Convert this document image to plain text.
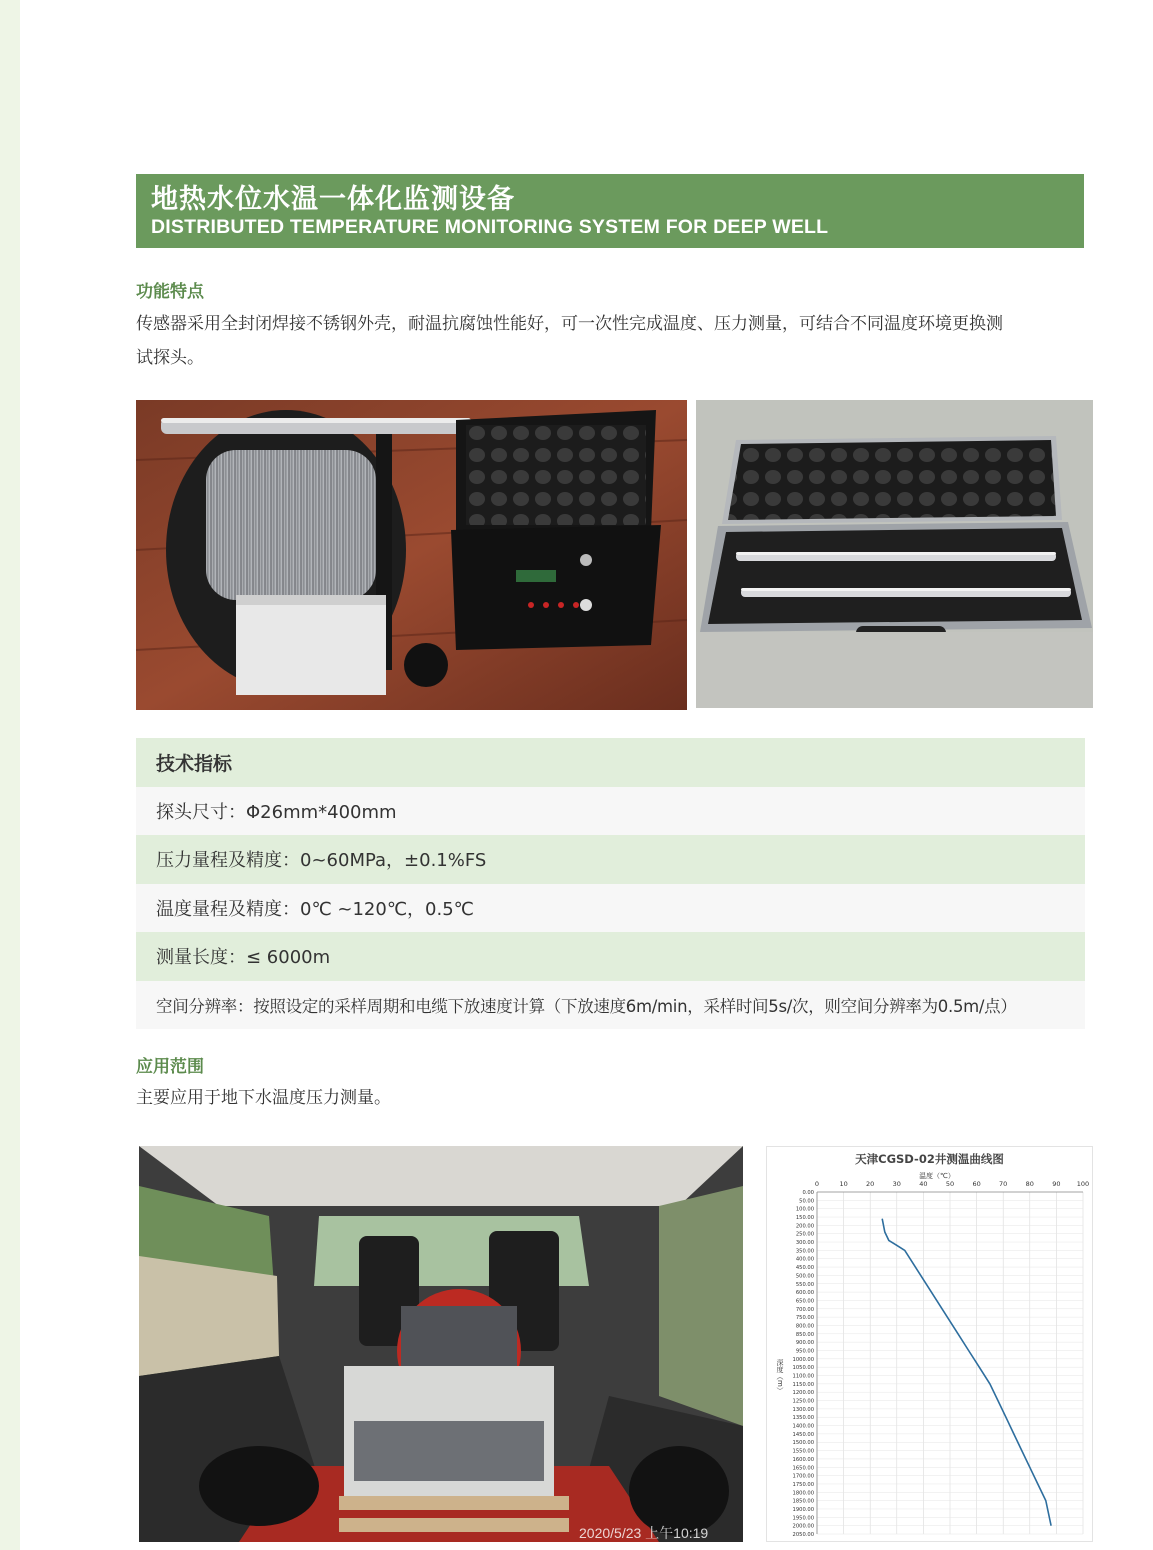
地热水位水温一体化监测设备
DISTRIBUTED TEMPERATURE MONITORING SYSTEM FOR DEEP WELL
功能特点
传感器采用全封闭焊接不锈钢外壳，耐温抗腐蚀性能好，可一次性完成温度、压力测量，可结合不同温度环境更换测
试探头。
技术指标
探头尺寸：Φ26mm*400mm
压力量程及精度：0~60MPa，±0.1%FS
温度量程及精度：0℃ ~120℃，0.5℃
测量长度：≤ 6000m
空间分辨率：按照设定的采样周期和电缆下放速度计算（下放速度6m/min，采样时间5s/次，则空间分辨率为0.5m/点）
应用范围
主要应用于地下水温度压力测量。
2020/5/23 上午10:19
天津CGSD-02井测温曲线图
温度（℃）
深度（m）
0	10	20	30	40	50	60	70	80	90 100
0.00
50.00
100.00
150.00
200.00
250.00
300.00
350.00
400.00
450.00
500.00
550.00
600.00
650.00
700.00
750.00
800.00
850.00
900.00
950.00
1000.00
1050.00
1100.00
1150.00
1200.00
1250.00
1300.00
1350.00
1400.00
1450.00
1500.00
1550.00
1600.00
1650.00
1700.00
1750.00
1800.00
1850.00
1900.00
1950.00
2000.00
2050.00
